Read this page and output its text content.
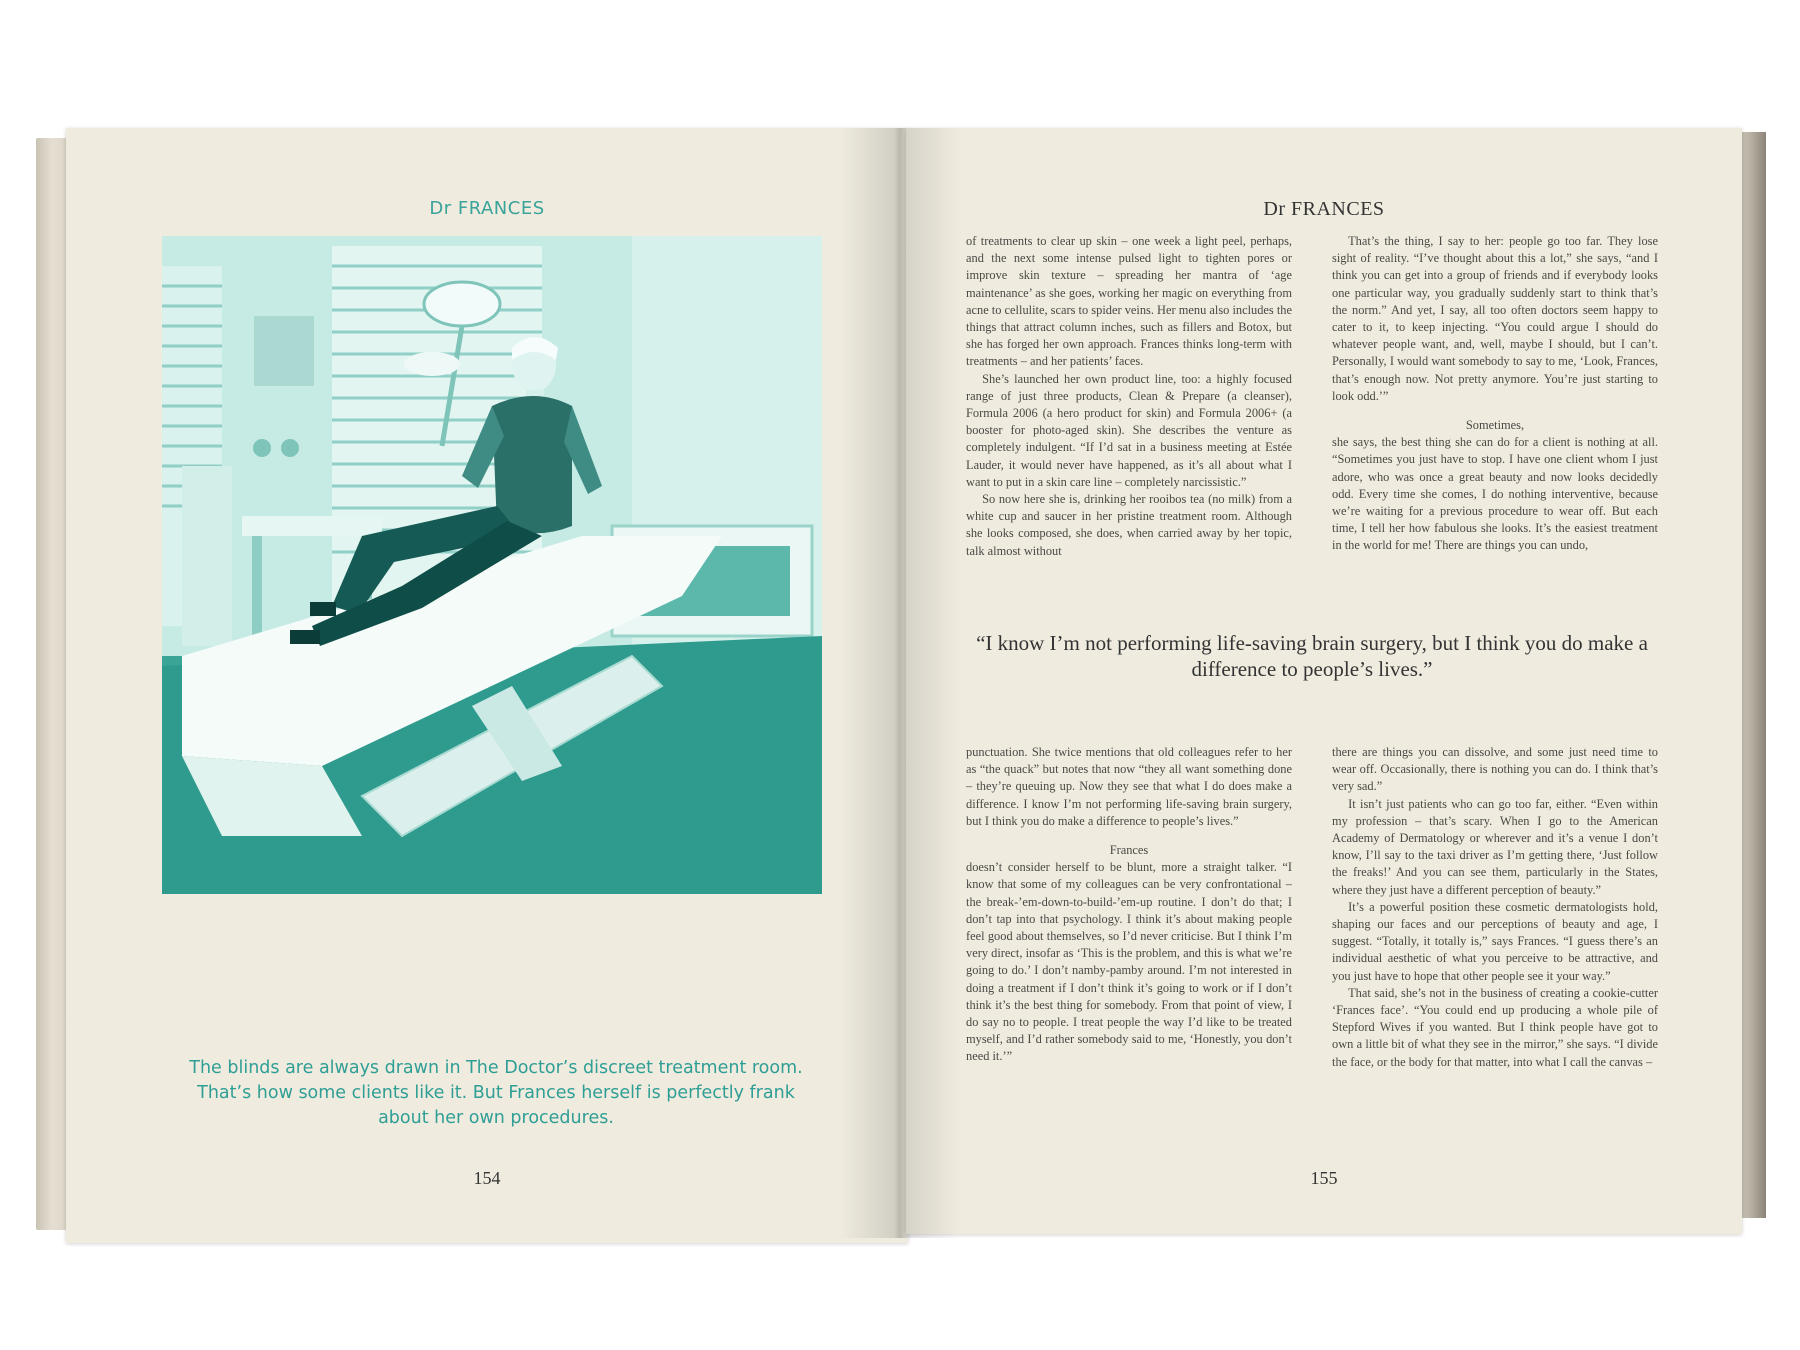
Dr FRANCES
The blinds are always drawn in The Doctor’s discreet treatment room. That’s how some clients like it. But Frances herself is perfectly frank about her own procedures.
154
Dr FRANCES

of treatments to clear up skin – one week a light peel, perhaps, and the next some intense pulsed light to tighten pores or improve skin texture – spreading her mantra of ‘age maintenance’ as she goes, working her magic on everything from acne to cellulite, scars to spider veins. Her menu also includes the things that attract column inches, such as fillers and Botox, but she has forged her own approach. Frances thinks long-term with treatments – and her patients’ faces.

She’s launched her own product line, too: a highly focused range of just three products, Clean & Prepare (a cleanser), Formula 2006 (a hero product for skin) and Formula 2006+ (a booster for photo-aged skin). She describes the venture as completely indulgent. “If I’d sat in a business meeting at Estée Lauder, it would never have happened, as it’s all about what I want to put in a skin care line – completely narcissistic.”

So now here she is, drinking her rooibos tea (no milk) from a white cup and saucer in her pristine treatment room. Although she looks composed, she does, when carried away by her topic, talk almost without

That’s the thing, I say to her: people go too far. They lose sight of reality. “I’ve thought about this a lot,” she says, “and I think you can get into a group of friends and if everybody looks one particular way, you gradually suddenly start to think that’s the norm.” And yet, I say, all too often doctors seem happy to cater to it, to keep injecting. “You could argue I should do whatever people want, and, well, maybe I should, but I can’t. Personally, I would want somebody to say to me, ‘Look, Frances, that’s enough now. Not pretty anymore. You’re just starting to look odd.’”

Sometimes,

she says, the best thing she can do for a client is nothing at all. “Sometimes you just have to stop. I have one client whom I just adore, who was once a great beauty and now looks decidedly odd. Every time she comes, I do nothing interventive, because we’re waiting for a previous procedure to wear off. But each time, I tell her how fabulous she looks. It’s the easiest treatment in the world for me! There are things you can undo,

“I know I’m not performing life-saving brain surgery, but I think you do make a difference to people’s lives.”

punctuation. She twice mentions that old colleagues refer to her as “the quack” but notes that now “they all want something done – they’re queuing up. Now they see that what I do does make a difference. I know I’m not performing life-saving brain surgery, but I think you do make a difference to people’s lives.”

Frances

doesn’t consider herself to be blunt, more a straight talker. “I know that some of my colleagues can be very confrontational – the break-’em-down-to-build-’em-up routine. I don’t do that; I don’t tap into that psychology. I think it’s about making people feel good about themselves, so I’d never criticise. But I think I’m very direct, insofar as ‘This is the problem, and this is what we’re going to do.’ I don’t namby-pamby around. I’m not interested in doing a treatment if I don’t think it’s going to work or if I don’t think it’s the best thing for somebody. From that point of view, I do say no to people. I treat people the way I’d like to be treated myself, and I’d rather somebody said to me, ‘Honestly, you don’t need it.’”

there are things you can dissolve, and some just need time to wear off. Occasionally, there is nothing you can do. I think that’s very sad.”

It isn’t just patients who can go too far, either. “Even within my profession – that’s scary. When I go to the American Academy of Dermatology or wherever and it’s a venue I don’t know, I’ll say to the taxi driver as I’m getting there, ‘Just follow the freaks!’ And you can see them, particularly in the States, where they just have a different perception of beauty.”

It’s a powerful position these cosmetic dermatologists hold, shaping our faces and our perceptions of beauty and age, I suggest. “Totally, it totally is,” says Frances. “I guess there’s an individual aesthetic of what you perceive to be attractive, and you just have to hope that other people see it your way.”

That said, she’s not in the business of creating a cookie-cutter ‘Frances face’. “You could end up producing a whole pile of Stepford Wives if you wanted. But I think people have got to own a little bit of what they see in the mirror,” she says. “I divide the face, or the body for that matter, into what I call the canvas –

155
